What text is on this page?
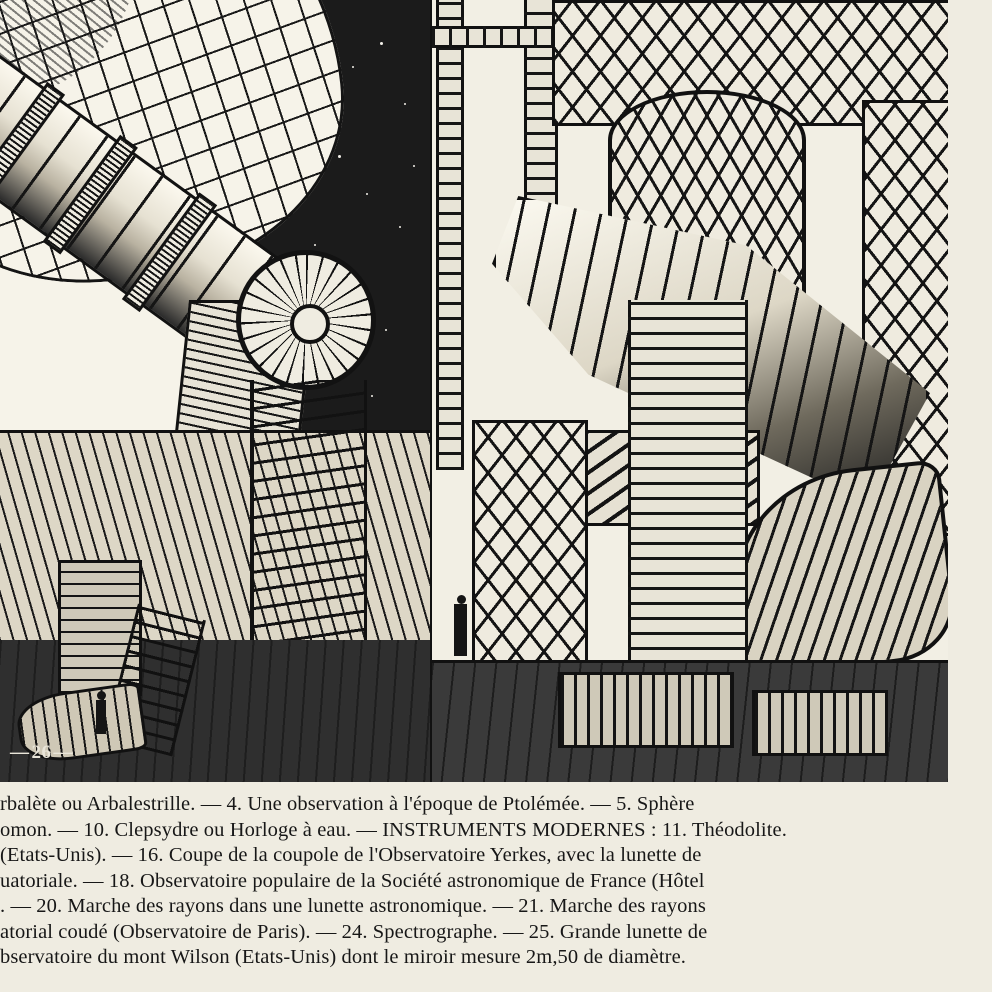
— 26 —

rbalète ou Arbalestrille. — 4. Une observation à l'époque de Ptolémée. — 5. Sphère

omon. — 10. Clepsydre ou Horloge à eau. — INSTRUMENTS MODERNES : 11. Théodolite.

(Etats-Unis). — 16. Coupe de la coupole de l'Observatoire Yerkes, avec la lunette de

uatoriale. — 18. Observatoire populaire de la Société astronomique de France (Hôtel

. — 20. Marche des rayons dans une lunette astronomique. — 21. Marche des rayons

atorial coudé (Observatoire de Paris). — 24. Spectrographe. — 25. Grande lunette de

bservatoire du mont Wilson (Etats-Unis) dont le miroir mesure 2m,50 de diamètre.
